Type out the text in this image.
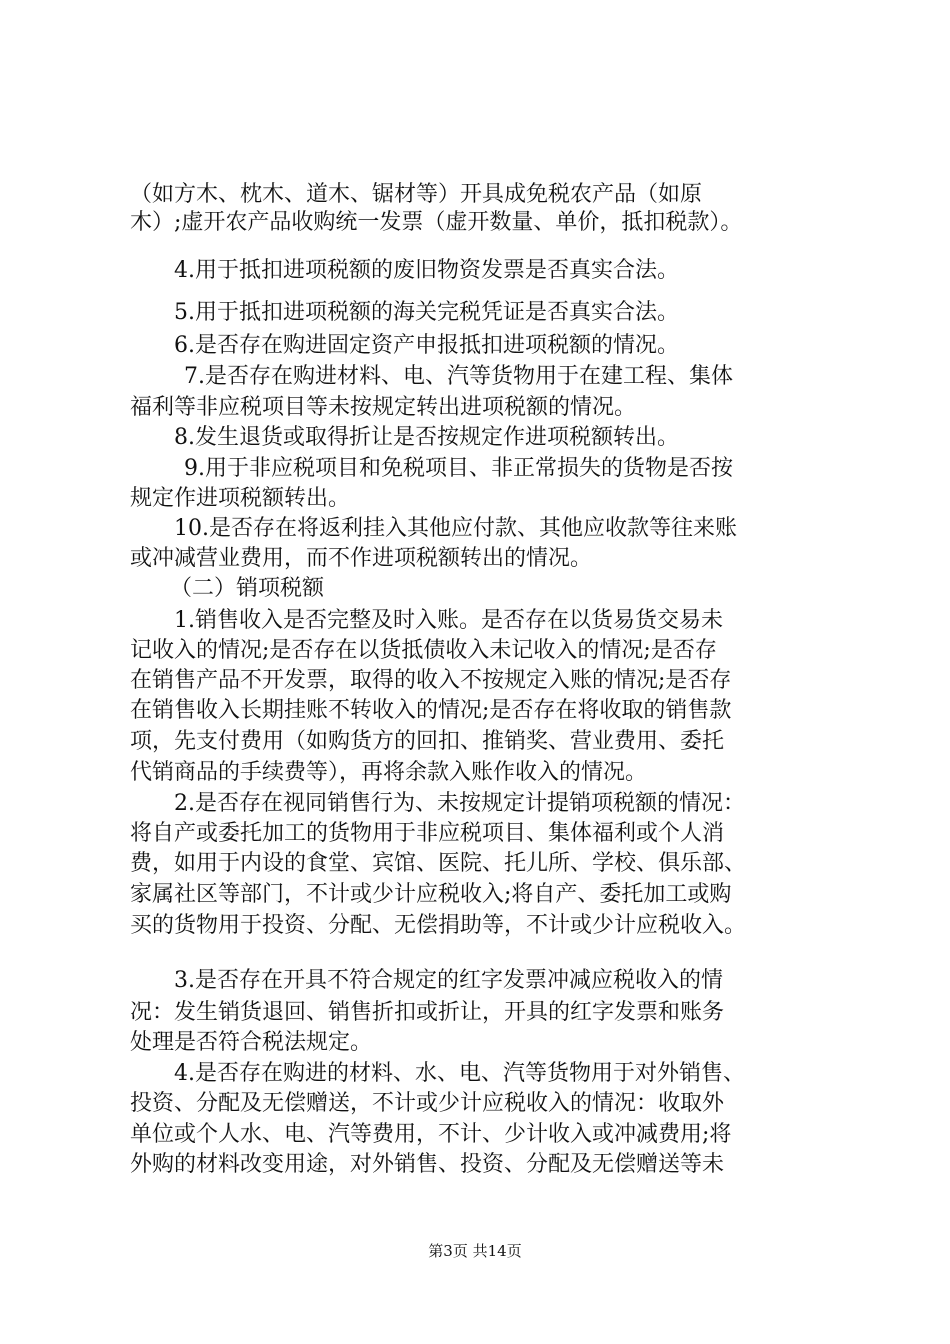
（如方木、枕木、道木、锯材等）开具成免税农产品（如原
木）;虚开农产品收购统一发票（虚开数量、单价，抵扣税款）。
4.用于抵扣进项税额的废旧物资发票是否真实合法。
5.用于抵扣进项税额的海关完税凭证是否真实合法。
6.是否存在购进固定资产申报抵扣进项税额的情况。
7.是否存在购进材料、电、汽等货物用于在建工程、集体
福利等非应税项目等未按规定转出进项税额的情况。
8.发生退货或取得折让是否按规定作进项税额转出。
9.用于非应税项目和免税项目、非正常损失的货物是否按
规定作进项税额转出。
10.是否存在将返利挂入其他应付款、其他应收款等往来账
或冲减营业费用，而不作进项税额转出的情况。
（二）销项税额
1.销售收入是否完整及时入账。是否存在以货易货交易未
记收入的情况;是否存在以货抵债收入未记收入的情况;是否存
在销售产品不开发票，取得的收入不按规定入账的情况;是否存
在销售收入长期挂账不转收入的情况;是否存在将收取的销售款
项，先支付费用（如购货方的回扣、推销奖、营业费用、委托
代销商品的手续费等），再将余款入账作收入的情况。
2.是否存在视同销售行为、未按规定计提销项税额的情况：
将自产或委托加工的货物用于非应税项目、集体福利或个人消
费，如用于内设的食堂、宾馆、医院、托儿所、学校、俱乐部、
家属社区等部门，不计或少计应税收入;将自产、委托加工或购
买的货物用于投资、分配、无偿捐助等，不计或少计应税收入。
3.是否存在开具不符合规定的红字发票冲减应税收入的情
况：发生销货退回、销售折扣或折让，开具的红字发票和账务
处理是否符合税法规定。
4.是否存在购进的材料、水、电、汽等货物用于对外销售、
投资、分配及无偿赠送，不计或少计应税收入的情况：收取外
单位或个人水、电、汽等费用，不计、少计收入或冲减费用;将
外购的材料改变用途，对外销售、投资、分配及无偿赠送等未
第3页 共14页
